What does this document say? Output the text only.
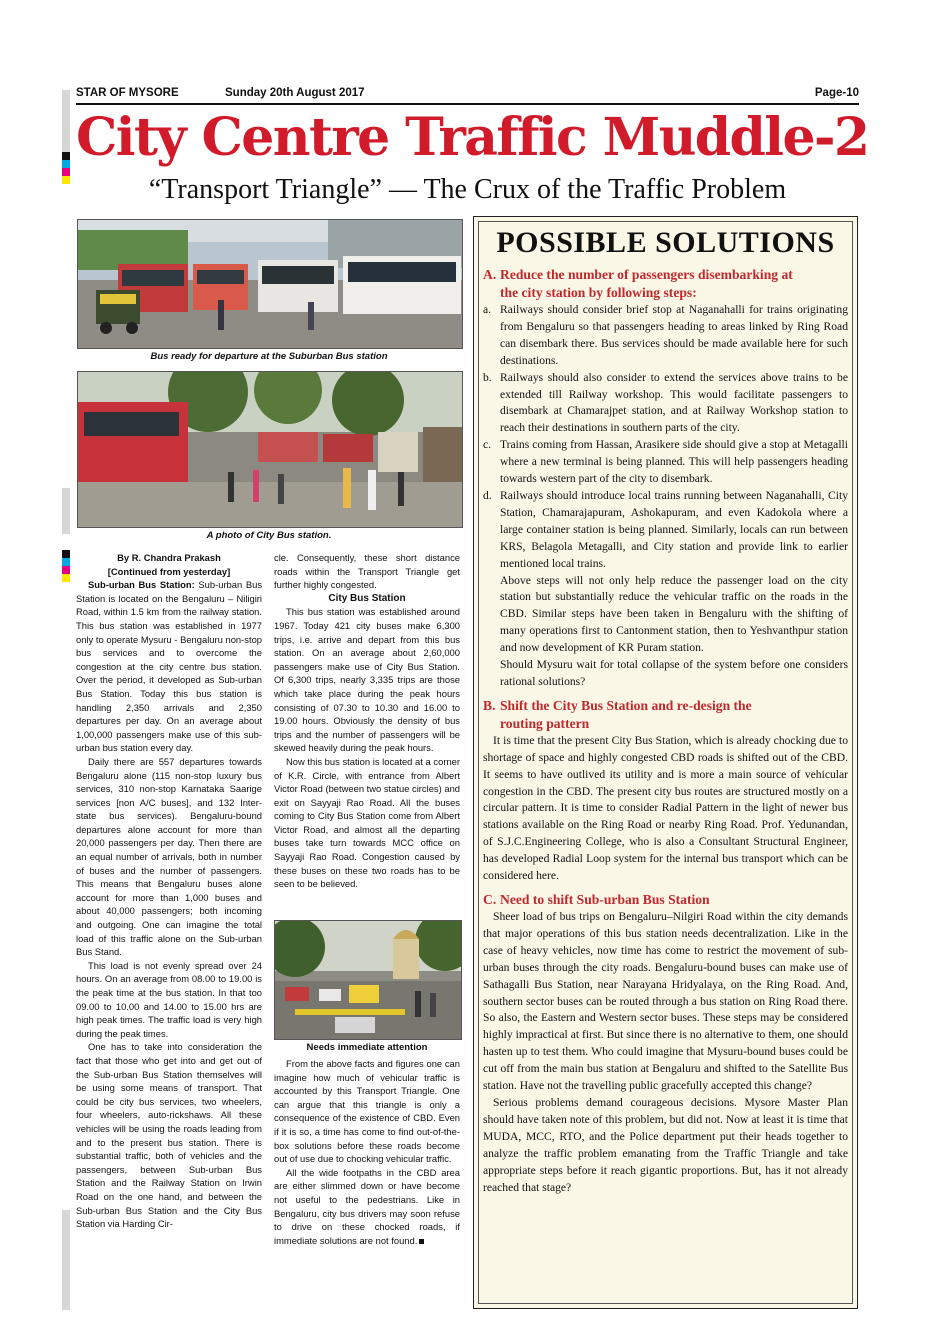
STAR OF MYSORE	Sunday 20th August 2017	Page-10
City Centre Traffic Muddle-2
“Transport Triangle” — The Crux of the Traffic Problem
Bus ready for departure at the Suburban Bus station
A photo of City Bus station.

By R. Chandra Prakash

[Continued from yesterday]

Sub-urban Bus Station: Sub-urban Bus Station is located on the Bengaluru – Niligiri Road, within 1.5 km from the railway station. This bus station was established in 1977 only to operate Mysuru - Bengaluru non-stop bus services and to overcome the congestion at the city centre bus station. Over the period, it developed as Sub-urban Bus Station. Today this bus station is handling 2,350 arrivals and 2,350 departures per day. On an average about 1,00,000 passengers make use of this sub-urban bus station every day.

Daily there are 557 departures towards Bengaluru alone (115 non-stop luxury bus services, 310 non-stop Karnataka Saarige services [non A/C buses], and 132 Inter-state bus services). Bengaluru-bound departures alone account for more than 20,000 passengers per day. Then there are an equal number of arrivals, both in number of buses and the number of passengers. This means that Bengaluru buses alone account for more than 1,000 buses and about 40,000 passengers; both incoming and outgoing. One can imagine the total load of this traffic alone on the Sub-urban Bus Stand.

This load is not evenly spread over 24 hours. On an average from 08.00 to 19.00 is the peak time at the bus station. In that too 09.00 to 10.00 and 14.00 to 15.00 hrs are high peak times. The traffic load is very high during the peak times.

One has to take into consideration the fact that those who get into and get out of the Sub-urban Bus Station themselves will be using some means of transport. That could be city bus services, two wheelers, four wheelers, auto-rickshaws. All these vehicles will be using the roads leading from and to the present bus station. There is substantial traffic, both of vehicles and the passengers, between Sub-urban Bus Station and the Railway Station on Irwin Road on the one hand, and between the Sub-urban Bus Station and the City Bus Station via Harding Cir-

cle. Consequently, these short distance roads within the Transport Triangle get further highly congested.

City Bus Station

This bus station was established around 1967. Today 421 city buses make 6,300 trips, i.e. arrive and depart from this bus station. On an average about 2,60,000 passengers make use of City Bus Station. Of 6,300 trips, nearly 3,335 trips are those which take place during the peak hours consisting of 07.30 to 10.30 and 16.00 to 19.00 hours. Obviously the density of bus trips and the number of passengers will be skewed heavily during the peak hours.

Now this bus station is located at a corner of K.R. Circle, with entrance from Albert Victor Road (between two statue circles) and exit on Sayyaji Rao Road. All the buses coming to City Bus Station come from Albert Victor Road, and almost all the departing buses take turn towards MCC office on Sayyaji Rao Road. Congestion caused by these buses on these two roads has to be seen to be believed.

Needs immediate attention

From the above facts and figures one can imagine how much of vehicular traffic is accounted by this Transport Triangle. One can argue that this triangle is only a consequence of the existence of CBD. Even if it is so, a time has come to find out-of-the-box solutions before these roads become out of use due to chocking vehicular traffic.

All the wide footpaths in the CBD area are either slimmed down or have become not useful to the pedestrians. Like in Bengaluru, city bus drivers may soon refuse to drive on these chocked roads, if immediate solutions are not found.

POSSIBLE SOLUTIONS
A. Reduce the number of passengers disembarking at
the city station by following steps:
a. Railways should consider brief stop at Naganahalli for trains originating from Bengaluru so that passengers heading to areas linked by Ring Road can disembark there. Bus services should be made available here for such destinations.
b. Railways should also consider to extend the services above trains to be extended till Railway workshop. This would facilitate passengers to disembark at Chamarajpet station, and at Railway Workshop station to reach their destinations in southern parts of the city.
c. Trains coming from Hassan, Arasikere side should give a stop at Metagalli where a new terminal is being planned. This will help passengers heading towards western part of the city to disembark.
d. Railways should introduce local trains running between Naganahalli, City Station, Chamarajapuram, Ashokapuram, and even Kadokola where a large container station is being planned. Similarly, locals can run between KRS, Belagola Metagalli, and City station and provide link to earlier mentioned local trains.
Above steps will not only help reduce the passenger load on the city station but substantially reduce the vehicular traffic on the roads in the CBD. Similar steps have been taken in Bengaluru with the shifting of many operations first to Cantonment station, then to Yeshvanthpur station and now development of KR Puram station.
Should Mysuru wait for total collapse of the system before one considers rational solutions?
B. Shift the City Bus Station and re-design the
routing pattern
It is time that the present City Bus Station, which is already chocking due to shortage of space and highly congested CBD roads is shifted out of the CBD. It seems to have outlived its utility and is more a main source of vehicular congestion in the CBD. The present city bus routes are structured mostly on a circular pattern. It is time to consider Radial Pattern in the light of newer bus stations available on the Ring Road or nearby Ring Road. Prof. Yedunandan, of S.J.C.Engineering College, who is also a Consultant Structural Engineer, has developed Radial Loop system for the internal bus transport which can be considered here.
C. Need to shift Sub-urban Bus Station
Sheer load of bus trips on Bengaluru–Nilgiri Road within the city demands that major operations of this bus station needs decentralization. Like in the case of heavy vehicles, now time has come to restrict the movement of sub-urban buses through the city roads. Bengaluru-bound buses can make use of Sathagalli Bus Station, near Narayana Hridyalaya, on the Ring Road. And, southern sector buses can be routed through a bus station on Ring Road there. So also, the Eastern and Western sector buses. These steps may be considered highly impractical at first. But since there is no alternative to them, one should hasten up to test them. Who could imagine that Mysuru-bound buses could be cut off from the main bus station at Bengaluru and shifted to the Satellite Bus station. Have not the travelling public gracefully accepted this change?
Serious problems demand courageous decisions. Mysore Master Plan should have taken note of this problem, but did not. Now at least it is time that MUDA, MCC, RTO, and the Police department put their heads together to analyze the traffic problem emanating from the Traffic Triangle and take appropriate steps before it reach gigantic proportions. But, has it not already reached that stage?
